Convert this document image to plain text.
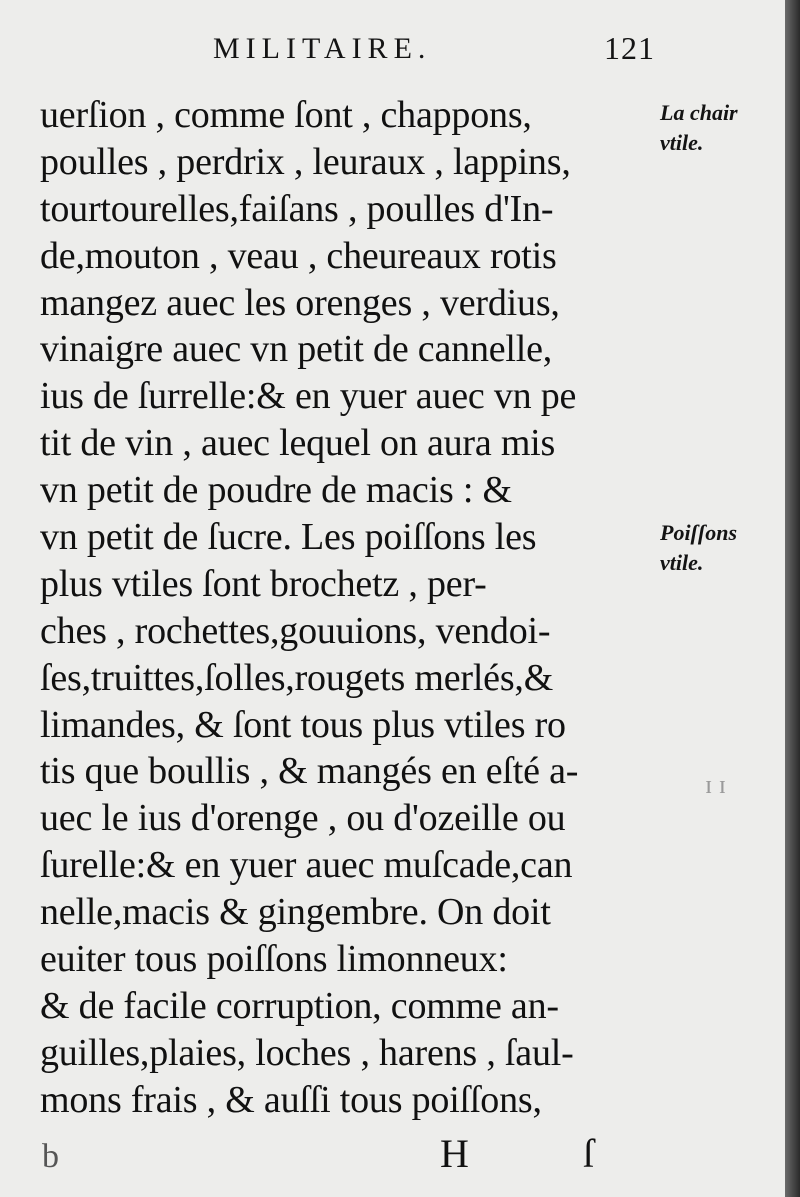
MILITAIRE.	121
uerſion , comme ſont , chappons,
poulles , perdrix , leuraux , lappins,
tourtourelles,faiſans , poulles d'In-
de,mouton , veau , cheureaux rotis
mangez auec les orenges , verdius,
vinaigre auec vn petit de cannelle,
ius de ſurrelle:& en yuer auec vn pe
tit de vin , auec lequel on aura mis
vn petit de poudre de macis : &
vn petit de ſucre. Les poiſſons les
plus vtiles ſont brochetz , per-
ches , rochettes,gouuions, vendoi-
ſes,truittes,ſolles,rougets merlés,&
limandes, & ſont tous plus vtiles ro
tis que boullis , & mangés en eſté a-
uec le ius d'orenge , ou d'ozeille ou
ſurelle:& en yuer auec muſcade,can
nelle,macis & gingembre. On doit
euiter tous poiſſons limonneux:
& de facile corruption, comme an-
guilles,plaies, loches , harens , ſaul-
mons frais , & auſſi tous poiſſons,
La chair
vtile.
Poiſſons
vtile.
ɪ ɪ
b	H ſ
